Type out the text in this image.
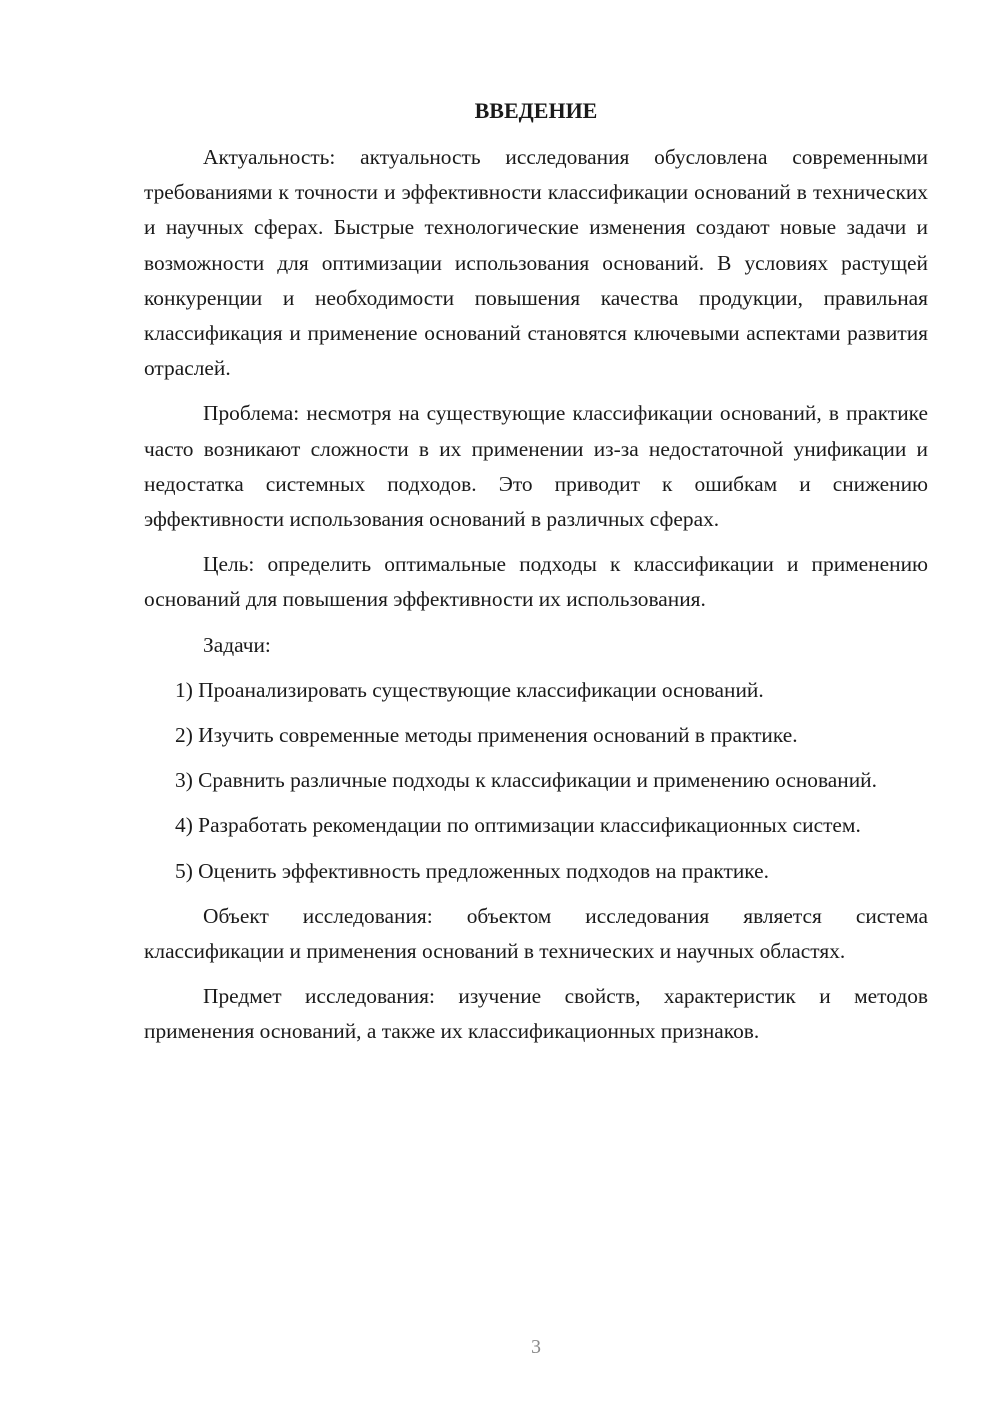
ВВЕДЕНИЕ

Актуальность: актуальность исследования обусловлена современными требованиями к точности и эффективности классификации оснований в технических и научных сферах. Быстрые технологические изменения создают новые задачи и возможности для оптимизации использования оснований. В условиях растущей конкуренции и необходимости повышения качества продукции, правильная классификация и применение оснований становятся ключевыми аспектами развития отраслей.

Проблема: несмотря на существующие классификации оснований, в практике часто возникают сложности в их применении из-за недостаточной унификации и недостатка системных подходов. Это приводит к ошибкам и снижению эффективности использования оснований в различных сферах.

Цель: определить оптимальные подходы к классификации и применению оснований для повышения эффективности их использования.

Задачи:

1) Проанализировать существующие классификации оснований.

2) Изучить современные методы применения оснований в практике.

3) Сравнить различные подходы к классификации и применению оснований.

4) Разработать рекомендации по оптимизации классификационных систем.

5) Оценить эффективность предложенных подходов на практике.

Объект исследования: объектом исследования является система классификации и применения оснований в технических и научных областях.

Предмет исследования: изучение свойств, характеристик и методов применения оснований, а также их классификационных признаков.

3
